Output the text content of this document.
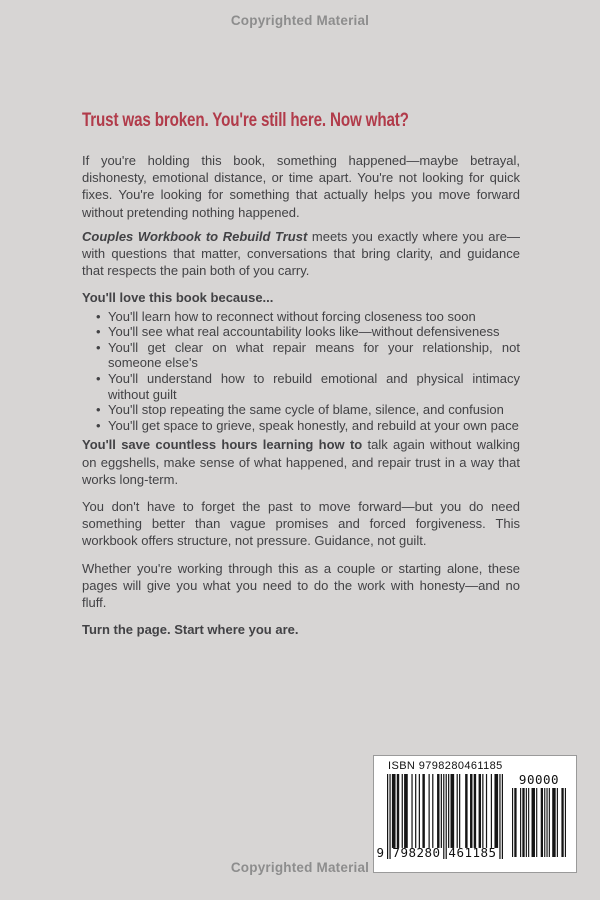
Copyrighted Material
Trust was broken. You're still here. Now what?

If you're holding this book, something happened—maybe betrayal, dishonesty, emotional distance, or time apart. You're not looking for quick fixes. You're looking for something that actually helps you move forward without pretending nothing happened.

Couples Workbook to Rebuild Trust meets you exactly where you are—with questions that matter, conversations that bring clarity, and guidance that respects the pain both of you carry.

You'll love this book because...

• You'll learn how to reconnect without forcing closeness too soon
• You'll see what real accountability looks like—without defensiveness
• You'll get clear on what repair means for your relationship, not someone else's
• You'll understand how to rebuild emotional and physical intimacy without guilt
• You'll stop repeating the same cycle of blame, silence, and confusion
• You'll get space to grieve, speak honestly, and rebuild at your own pace

You'll save countless hours learning how to talk again without walking on eggshells, make sense of what happened, and repair trust in a way that works long-term.

You don't have to forget the past to move forward—but you do need something better than vague promises and forced forgiveness. This workbook offers structure, not pressure. Guidance, not guilt.

Whether you're working through this as a couple or starting alone, these pages will give you what you need to do the work with honesty—and no fluff.

Turn the page. Start where you are.

ISBN 9798280461185
9 798280 461185
90000
Copyrighted Material
